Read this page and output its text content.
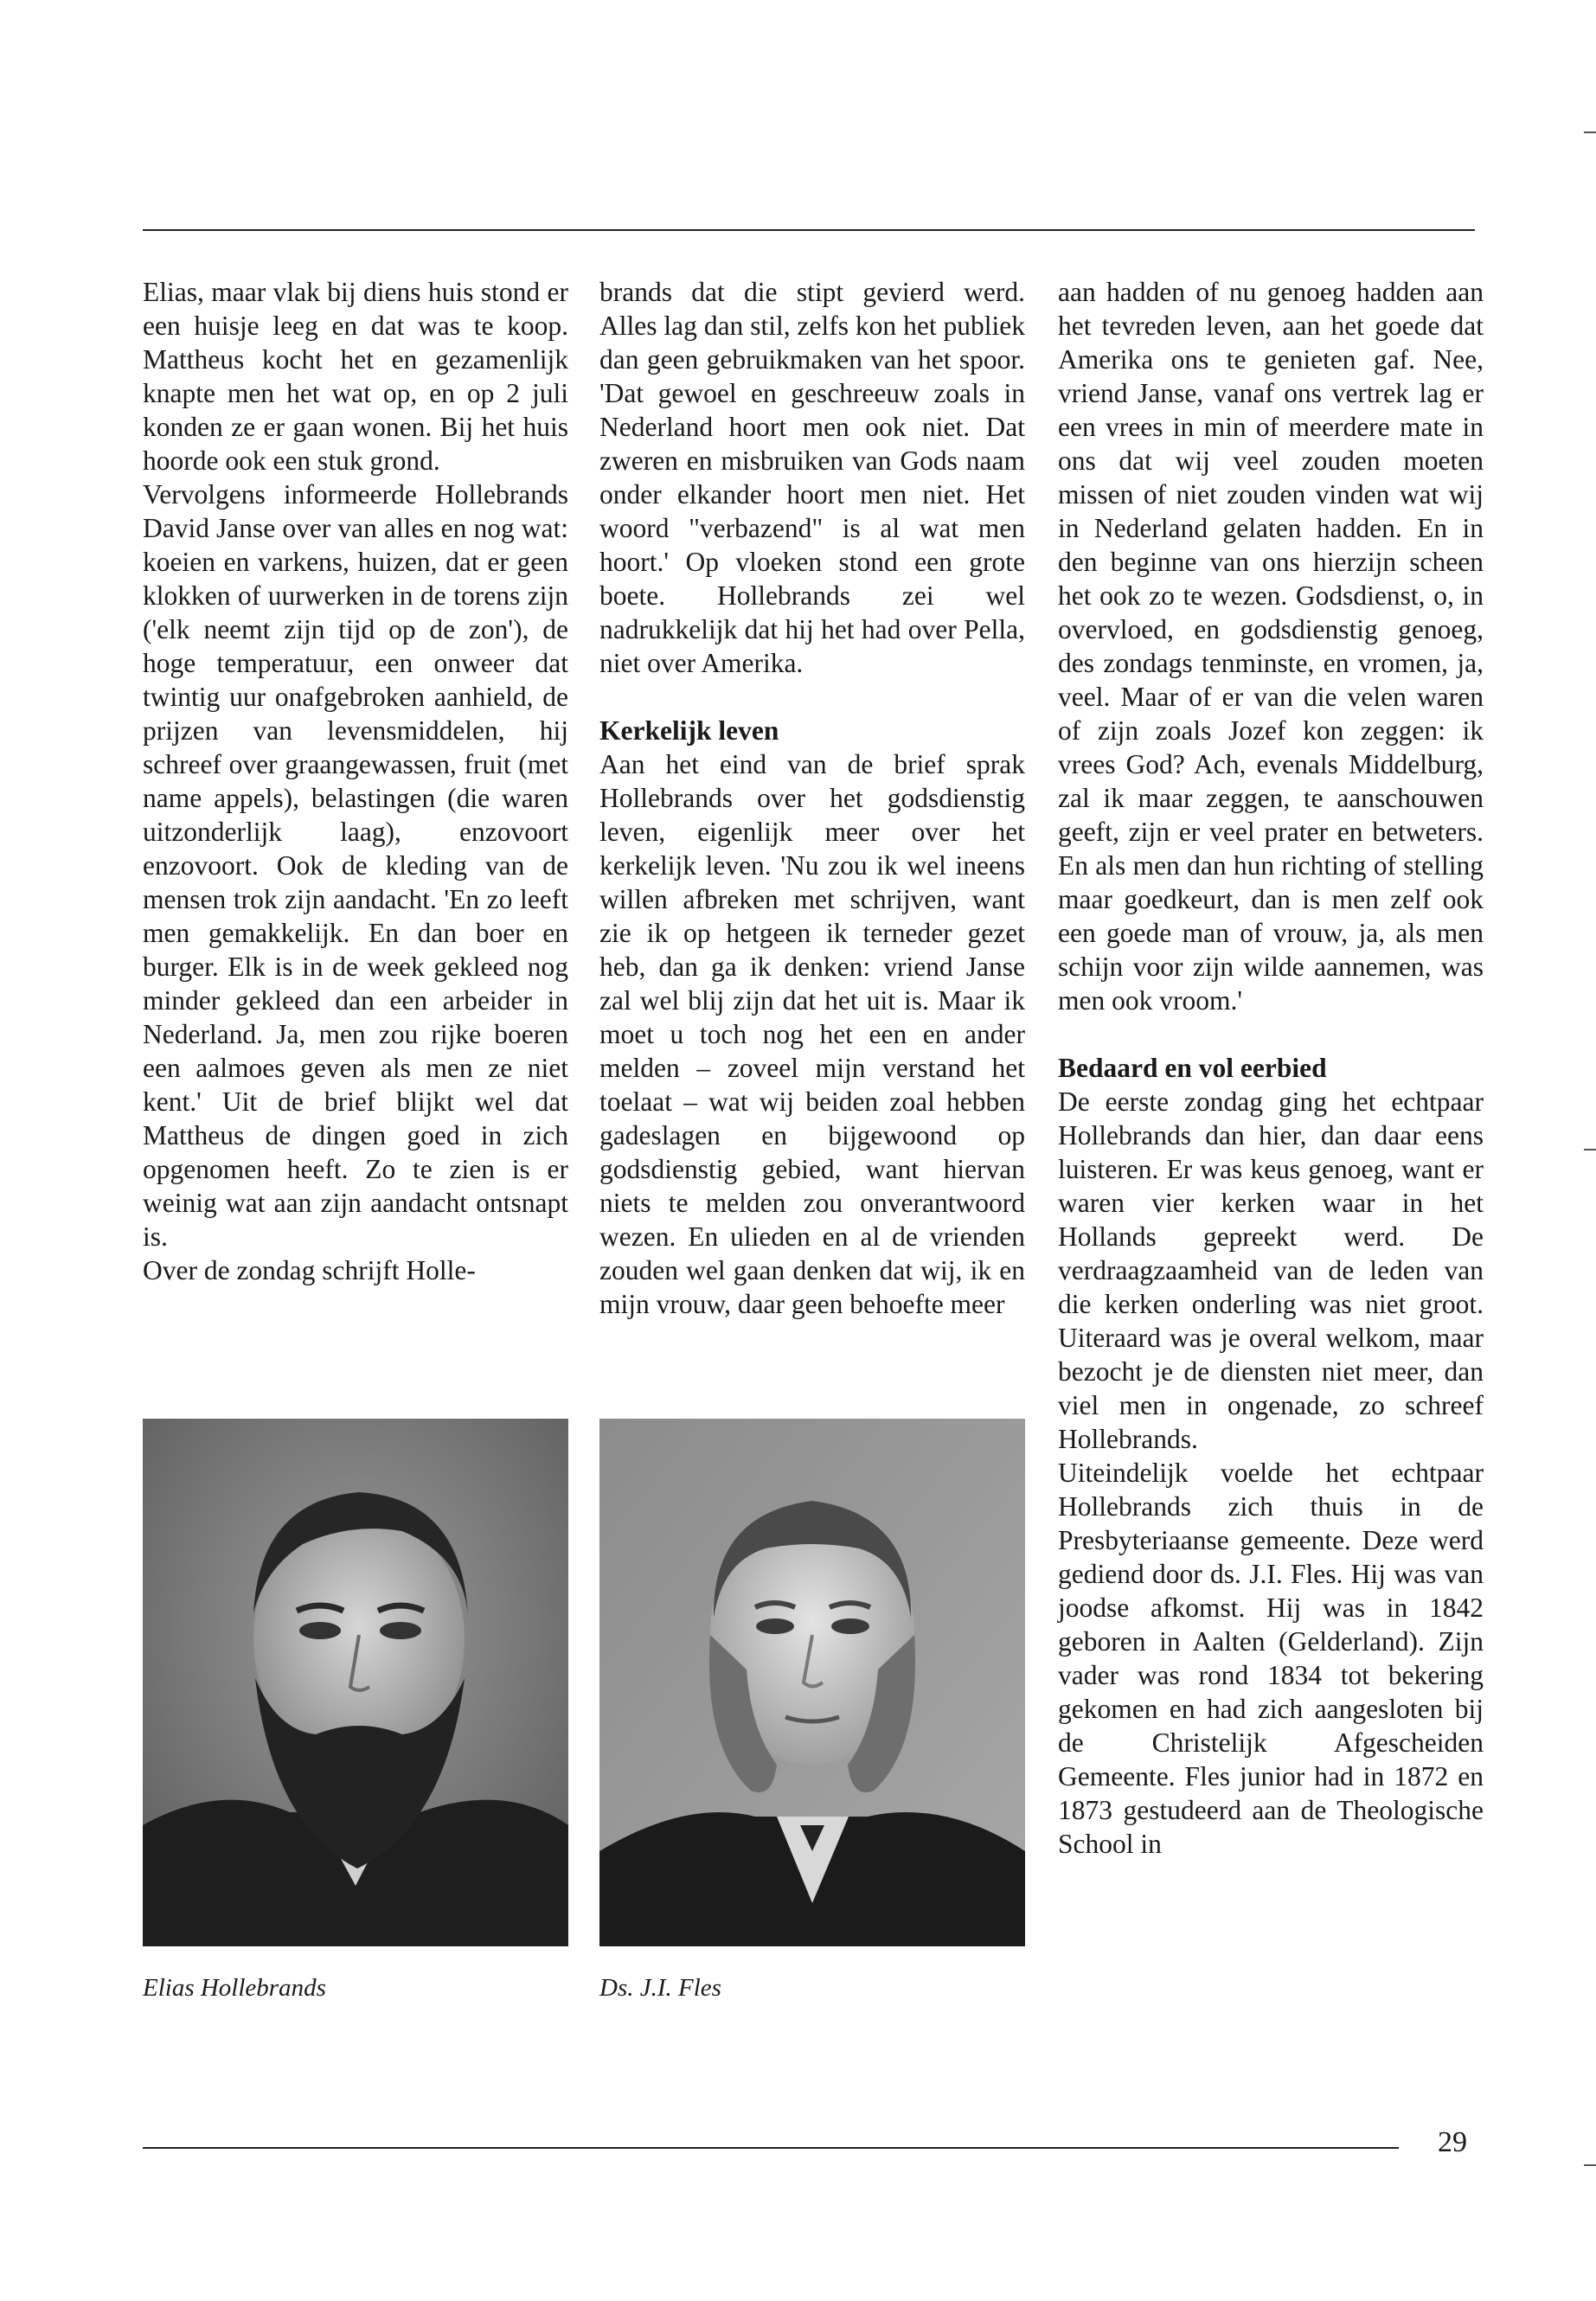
Elias, maar vlak bij diens huis stond er een huisje leeg en dat was te koop. Mattheus kocht het en gezamenlijk knapte men het wat op, en op 2 juli konden ze er gaan wonen. Bij het huis hoorde ook een stuk grond.

Vervolgens informeerde Hollebrands David Janse over van alles en nog wat: koeien en varkens, huizen, dat er geen klokken of uurwerken in de torens zijn ('elk neemt zijn tijd op de zon'), de hoge temperatuur, een onweer dat twintig uur onafgebroken aanhield, de prijzen van levensmiddelen, hij schreef over graangewassen, fruit (met name appels), belastingen (die waren uitzonderlijk laag), enzovoort enzovoort. Ook de kleding van de mensen trok zijn aandacht. 'En zo leeft men gemakkelijk. En dan boer en burger. Elk is in de week gekleed nog minder gekleed dan een arbeider in Nederland. Ja, men zou rijke boeren een aalmoes geven als men ze niet kent.' Uit de brief blijkt wel dat Mattheus de dingen goed in zich opgenomen heeft. Zo te zien is er weinig wat aan zijn aandacht ontsnapt is.

Over de zondag schrijft Holle-

brands dat die stipt gevierd werd. Alles lag dan stil, zelfs kon het publiek dan geen gebruikmaken van het spoor. 'Dat gewoel en geschreeuw zoals in Nederland hoort men ook niet. Dat zweren en misbruiken van Gods naam onder elkander hoort men niet. Het woord "verbazend" is al wat men hoort.' Op vloeken stond een grote boete. Hollebrands zei wel nadrukkelijk dat hij het had over Pella, niet over Amerika.

Kerkelijk leven

Aan het eind van de brief sprak Hollebrands over het godsdienstig leven, eigenlijk meer over het kerkelijk leven. 'Nu zou ik wel ineens willen afbreken met schrijven, want zie ik op hetgeen ik terneder gezet heb, dan ga ik denken: vriend Janse zal wel blij zijn dat het uit is. Maar ik moet u toch nog het een en ander melden – zoveel mijn verstand het toelaat – wat wij beiden zoal hebben gadeslagen en bijgewoond op godsdienstig gebied, want hiervan niets te melden zou onverantwoord wezen. En ulieden en al de vrienden zouden wel gaan denken dat wij, ik en mijn vrouw, daar geen behoefte meer

aan hadden of nu genoeg hadden aan het tevreden leven, aan het goede dat Amerika ons te genieten gaf. Nee, vriend Janse, vanaf ons vertrek lag er een vrees in min of meerdere mate in ons dat wij veel zouden moeten missen of niet zouden vinden wat wij in Nederland gelaten hadden. En in den beginne van ons hierzijn scheen het ook zo te wezen. Godsdienst, o, in overvloed, en godsdienstig genoeg, des zondags tenminste, en vromen, ja, veel. Maar of er van die velen waren of zijn zoals Jozef kon zeggen: ik vrees God? Ach, evenals Middelburg, zal ik maar zeggen, te aanschouwen geeft, zijn er veel prater en betweters. En als men dan hun richting of stelling maar goedkeurt, dan is men zelf ook een goede man of vrouw, ja, als men schijn voor zijn wilde aannemen, was men ook vroom.'

Bedaard en vol eerbied

De eerste zondag ging het echtpaar Hollebrands dan hier, dan daar eens luisteren. Er was keus genoeg, want er waren vier kerken waar in het Hollands gepreekt werd. De verdraagzaamheid van de leden van die kerken onderling was niet groot. Uiteraard was je overal welkom, maar bezocht je de diensten niet meer, dan viel men in ongenade, zo schreef Hollebrands.

Uiteindelijk voelde het echtpaar Hollebrands zich thuis in de Presbyteriaanse gemeente. Deze werd gediend door ds. J.I. Fles. Hij was van joodse afkomst. Hij was in 1842 geboren in Aalten (Gelderland). Zijn vader was rond 1834 tot bekering gekomen en had zich aangesloten bij de Christelijk Afgescheiden Gemeente. Fles junior had in 1872 en 1873 gestudeerd aan de Theologische School in

Elias Hollebrands	Ds. J.I. Fles
29
